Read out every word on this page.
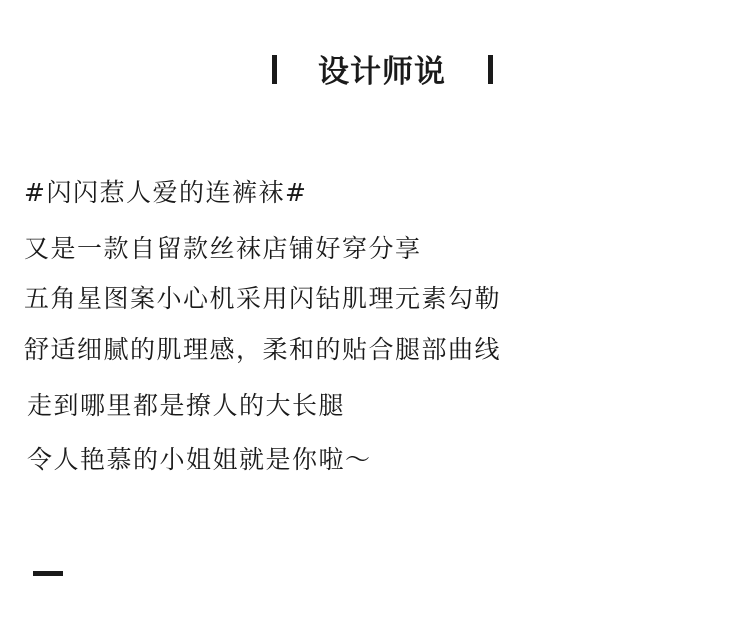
设计师说
#闪闪惹人爱的连裤袜#
又是一款自留款丝袜店铺好穿分享
五角星图案小心机采用闪钻肌理元素勾勒
舒适细腻的肌理感，柔和的贴合腿部曲线
走到哪里都是撩人的大长腿
令人艳慕的小姐姐就是你啦～
